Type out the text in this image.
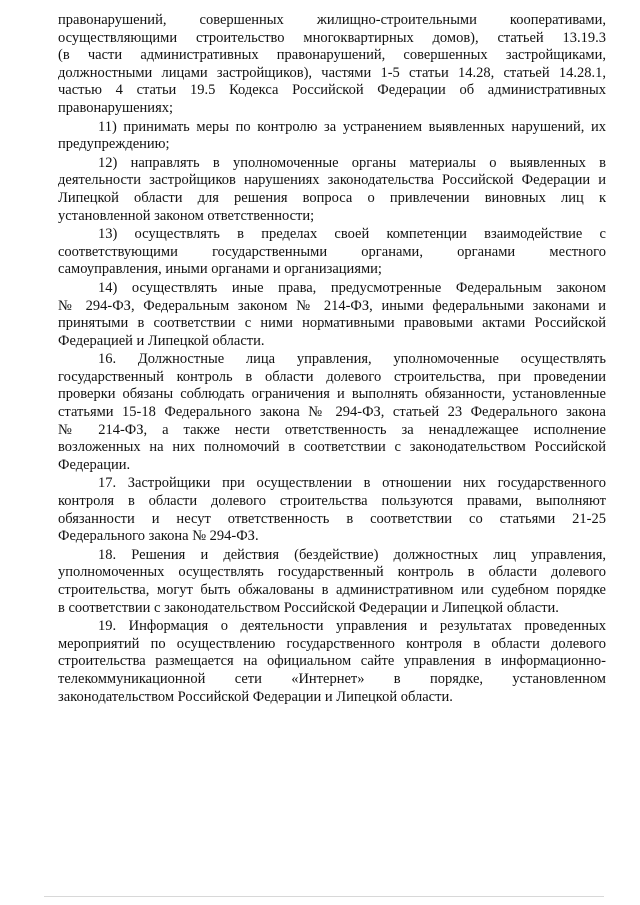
правонарушений, совершенных жилищно-строительными кооперативами,
осуществляющими строительство многоквартирных домов), статьей 13.19.3
(в части административных правонарушений, совершенных застройщиками,
должностными лицами застройщиков), частями 1-5 статьи 14.28, статьей 14.28.1,
частью 4 статьи 19.5 Кодекса Российской Федерации об административных
правонарушениях;
11) принимать меры по контролю за устранением выявленных нарушений, их
предупреждению;
12) направлять в уполномоченные органы материалы о выявленных в
деятельности застройщиков нарушениях законодательства Российской Федерации и
Липецкой области для решения вопроса о привлечении виновных лиц к
установленной законом ответственности;
13) осуществлять в пределах своей компетенции взаимодействие с
соответствующими государственными органами, органами местного
самоуправления, иными органами и организациями;
14) осуществлять иные права, предусмотренные Федеральным законом
№ 294-ФЗ, Федеральным законом № 214-ФЗ, иными федеральными законами и
принятыми в соответствии с ними нормативными правовыми актами Российской
Федерацией и Липецкой области.
16. Должностные лица управления, уполномоченные осуществлять
государственный контроль в области долевого строительства, при проведении
проверки обязаны соблюдать ограничения и выполнять обязанности, установленные
статьями 15-18 Федерального закона № 294-ФЗ, статьей 23 Федерального закона
№ 214-ФЗ, а также нести ответственность за ненадлежащее исполнение
возложенных на них полномочий в соответствии с законодательством Российской
Федерации.
17. Застройщики при осуществлении в отношении них государственного
контроля в области долевого строительства пользуются правами, выполняют
обязанности и несут ответственность в соответствии со статьями 21-25
Федерального закона № 294-ФЗ.
18. Решения и действия (бездействие) должностных лиц управления,
уполномоченных осуществлять государственный контроль в области долевого
строительства, могут быть обжалованы в административном или судебном порядке
в соответствии с законодательством Российской Федерации и Липецкой области.
19. Информация о деятельности управления и результатах проведенных
мероприятий по осуществлению государственного контроля в области долевого
строительства размещается на официальном сайте управления в информационно-
телекоммуникационной сети «Интернет» в порядке, установленном
законодательством Российской Федерации и Липецкой области.
